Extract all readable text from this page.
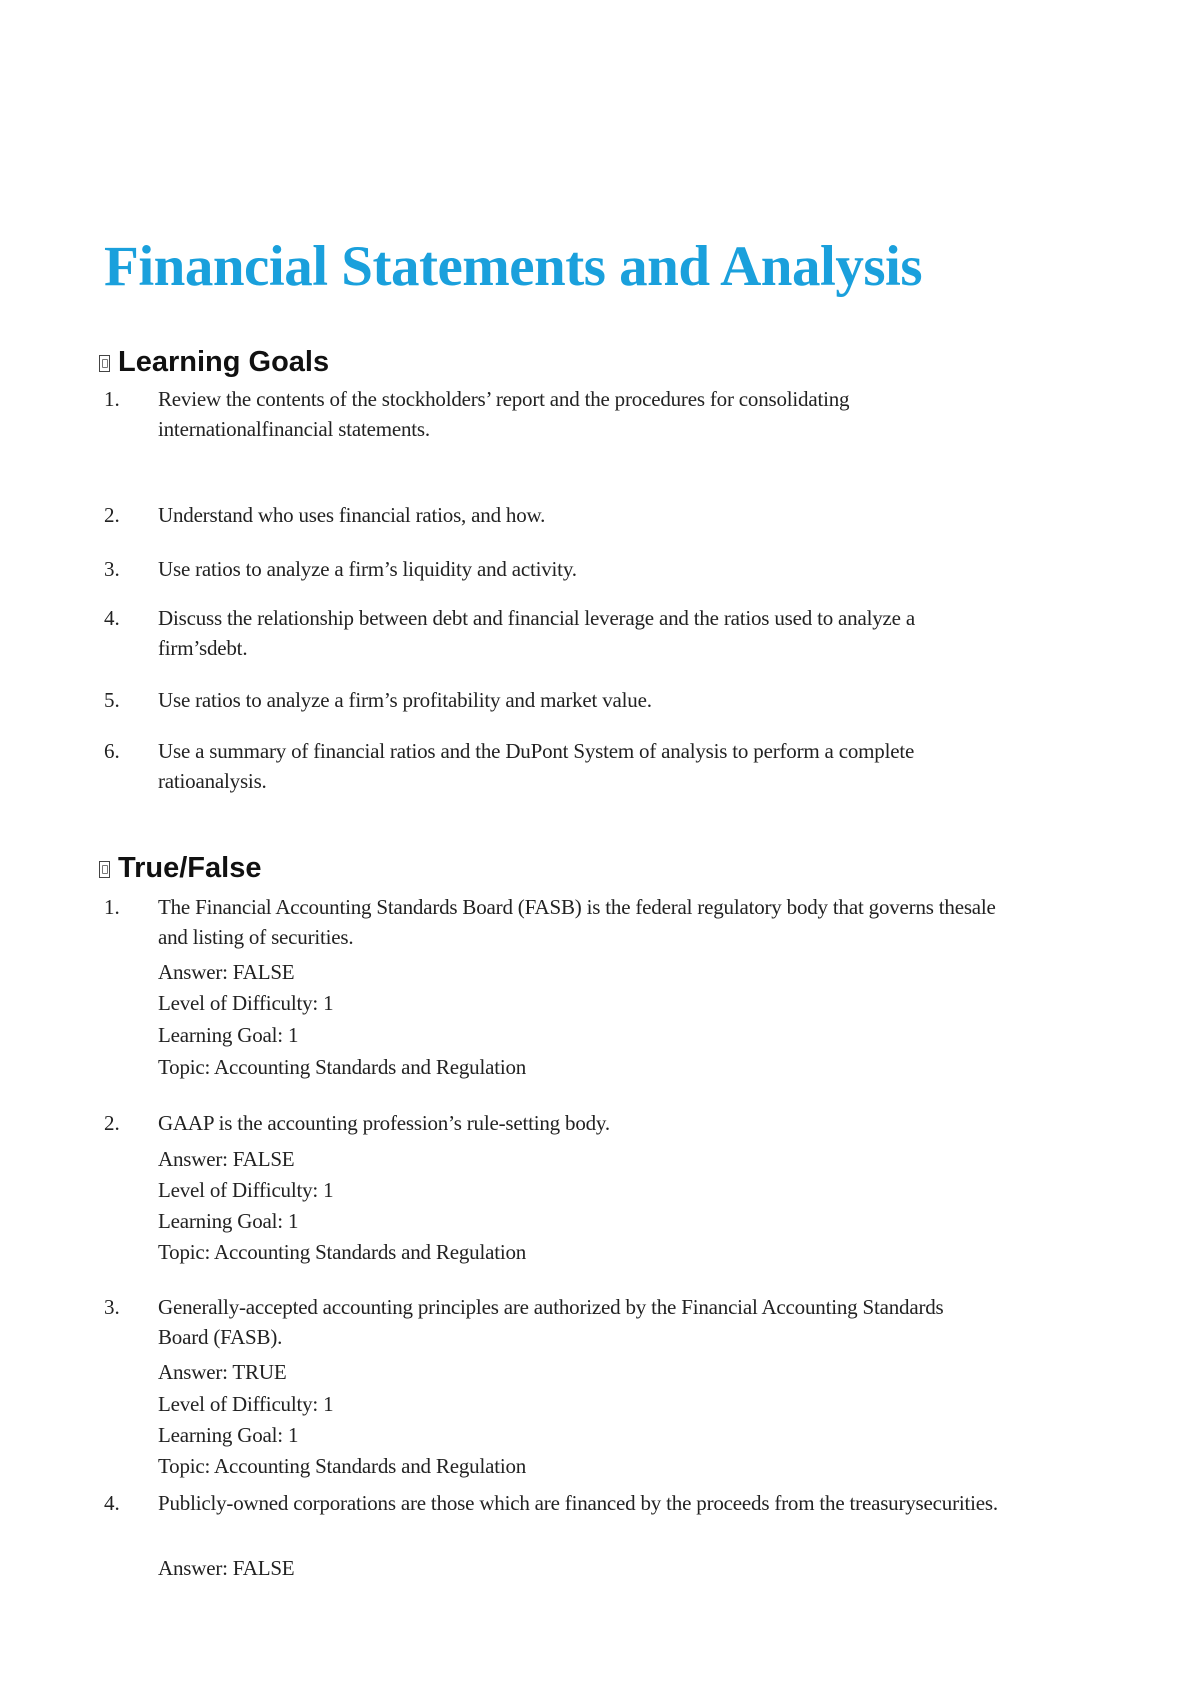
Financial Statements and Analysis
Learning Goals
1.	Review the contents of the stockholders’ report and the procedures for consolidating internationalfinancial statements.
2.	Understand who uses financial ratios, and how.
3.	Use ratios to analyze a firm’s liquidity and activity.
4.	Discuss the relationship between debt and financial leverage and the ratios used to analyze a firm’sdebt.
5.	Use ratios to analyze a firm’s profitability and market value.
6.	Use a summary of financial ratios and the DuPont System of analysis to perform a complete ratioanalysis.
True/False
1.	The Financial Accounting Standards Board (FASB) is the federal regulatory body that governs thesale and listing of securities.
Answer: FALSE
Level of Difficulty: 1
Learning Goal: 1
Topic: Accounting Standards and Regulation
2.	GAAP is the accounting profession’s rule-setting body.
Answer: FALSE
Level of Difficulty: 1
Learning Goal: 1
Topic: Accounting Standards and Regulation
3.	Generally-accepted accounting principles are authorized by the Financial Accounting Standards Board (FASB).
Answer: TRUE
Level of Difficulty: 1
Learning Goal: 1
Topic: Accounting Standards and Regulation
4.	Publicly-owned corporations are those which are financed by the proceeds from the treasurysecurities.
Answer: FALSE
